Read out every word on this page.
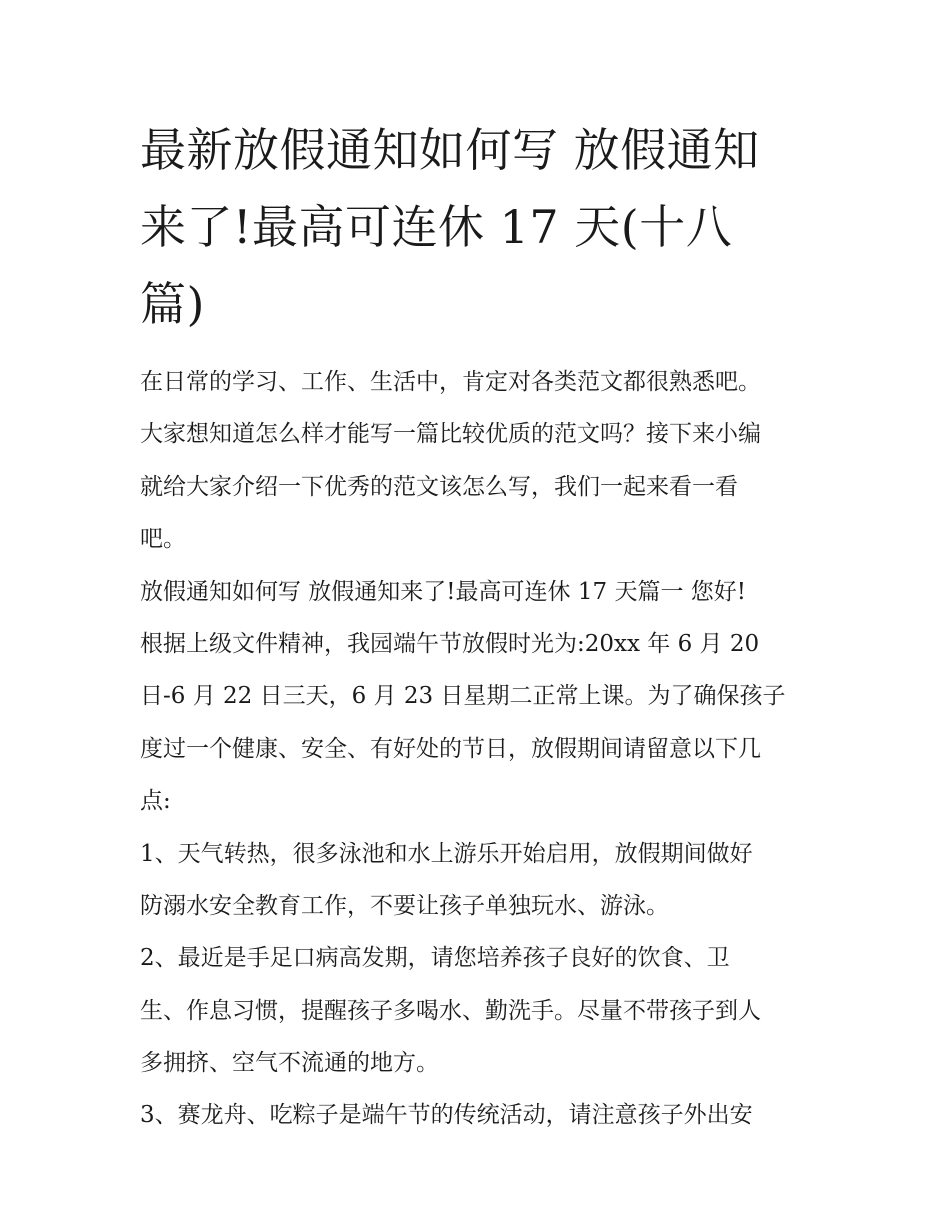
最新放假通知如何写 放假通知
来了!最高可连休 17 天(十八
篇)
在日常的学习、工作、生活中，肯定对各类范文都很熟悉吧。
大家想知道怎么样才能写一篇比较优质的范文吗？接下来小编
就给大家介绍一下优秀的范文该怎么写，我们一起来看一看
吧。
放假通知如何写 放假通知来了!最高可连休 17 天篇一 您好!
根据上级文件精神，我园端午节放假时光为:20xx 年 6 月 20
日-6 月 22 日三天，6 月 23 日星期二正常上课。为了确保孩子
度过一个健康、安全、有好处的节日，放假期间请留意以下几
点:
1、天气转热，很多泳池和水上游乐开始启用，放假期间做好
防溺水安全教育工作，不要让孩子单独玩水、游泳。
2、最近是手足口病高发期，请您培养孩子良好的饮食、卫
生、作息习惯，提醒孩子多喝水、勤洗手。尽量不带孩子到人
多拥挤、空气不流通的地方。
3、赛龙舟、吃粽子是端午节的传统活动，请注意孩子外出安
